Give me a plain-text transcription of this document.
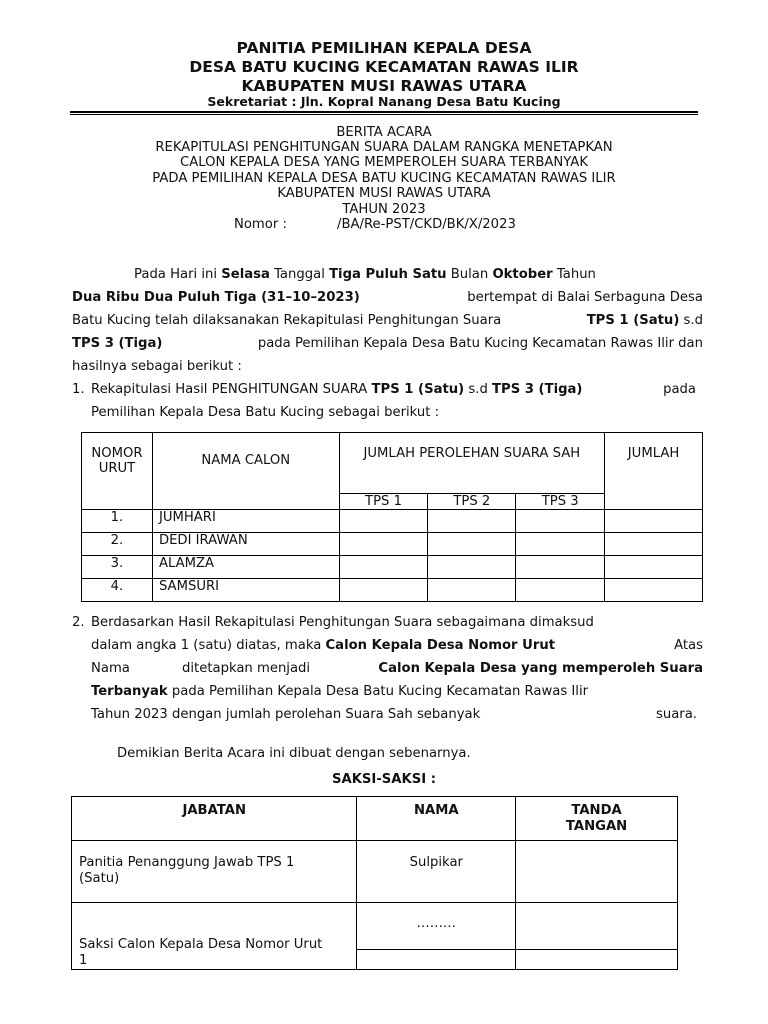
PANITIA PEMILIHAN KEPALA DESA
DESA BATU KUCING KECAMATAN RAWAS ILIR
KABUPATEN MUSI RAWAS UTARA
Sekretariat : Jln. Kopral Nanang Desa Batu Kucing
BERITA ACARA
REKAPITULASI PENGHITUNGAN SUARA DALAM RANGKA MENETAPKAN
CALON KEPALA DESA YANG MEMPEROLEH SUARA TERBANYAK
PADA PEMILIHAN KEPALA DESA BATU KUCING KECAMATAN RAWAS ILIR
KABUPATEN MUSI RAWAS UTARA
TAHUN 2023
Nomor :	/BA/Re-PST/CKD/BK/X/2023
Pada Hari ini Selasa Tanggal Tiga Puluh Satu Bulan Oktober Tahun
Dua Ribu Dua Puluh Tiga (31–10–2023)	bertempat di Balai Serbaguna Desa
Batu Kucing telah dilaksanakan Rekapitulasi Penghitungan Suara	TPS 1 (Satu) s.d
TPS 3 (Tiga)	pada Pemilihan Kepala Desa Batu Kucing Kecamatan Rawas Ilir dan
hasilnya sebagai berikut :
1. Rekapitulasi Hasil PENGHITUNGAN SUARA TPS 1 (Satu) s.d TPS 3 (Tiga)	pada
Pemilihan Kepala Desa Batu Kucing sebagai berikut :
NOMOR URUT	NAMA CALON	JUMLAH PEROLEHAN SUARA SAH			JUMLAH
		TPS 1	TPS 2	TPS 3	
1.	JUMHARI				
2.	DEDI IRAWAN				
3.	ALAMZA				
4.	SAMSURI				
2. Berdasarkan Hasil Rekapitulasi Penghitungan Suara sebagaimana dimaksud
dalam angka 1 (satu) diatas, maka Calon Kepala Desa Nomor Urut	Atas
Nama	ditetapkan menjadi	Calon Kepala Desa yang memperoleh Suara
Terbanyak pada Pemilihan Kepala Desa Batu Kucing Kecamatan Rawas Ilir
Tahun 2023 dengan jumlah perolehan Suara Sah sebanyak	suara.
Demikian Berita Acara ini dibuat dengan sebenarnya.
SAKSI-SAKSI :
JABATAN	NAMA	TANDA TANGAN
Panitia Penanggung Jawab TPS 1 (Satu)	Sulpikar	
Saksi Calon Kepala Desa Nomor Urut 1	………	
